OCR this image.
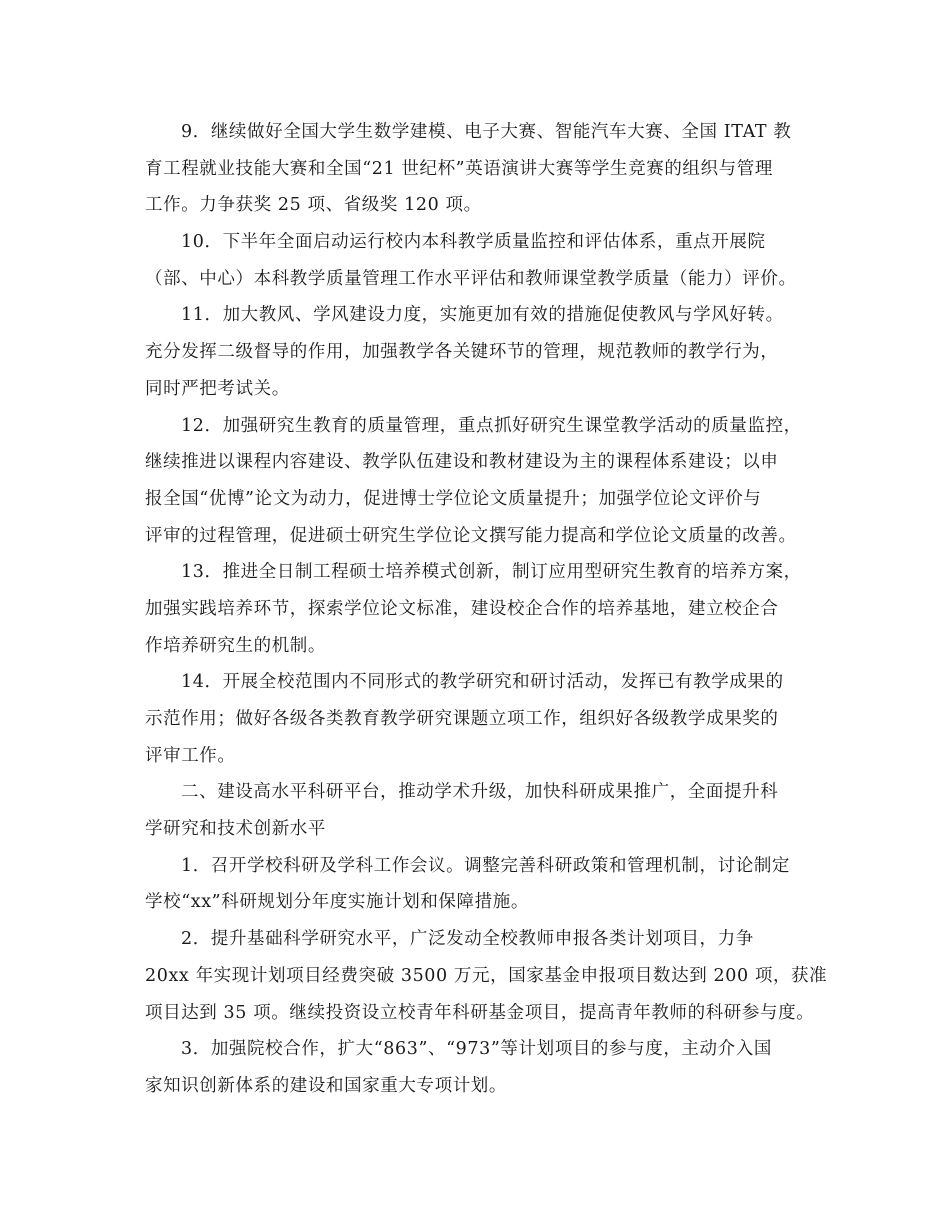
9．继续做好全国大学生数学建模、电子大赛、智能汽车大赛、全国 ITAT 教
育工程就业技能大赛和全国“21 世纪杯”英语演讲大赛等学生竞赛的组织与管理
工作。力争获奖 25 项、省级奖 120 项。

10．下半年全面启动运行校内本科教学质量监控和评估体系，重点开展院
（部、中心）本科教学质量管理工作水平评估和教师课堂教学质量（能力）评价。

11．加大教风、学风建设力度，实施更加有效的措施促使教风与学风好转。
充分发挥二级督导的作用，加强教学各关键环节的管理，规范教师的教学行为，
同时严把考试关。

12．加强研究生教育的质量管理，重点抓好研究生课堂教学活动的质量监控，
继续推进以课程内容建设、教学队伍建设和教材建设为主的课程体系建设；以申
报全国“优博”论文为动力，促进博士学位论文质量提升；加强学位论文评价与
评审的过程管理，促进硕士研究生学位论文撰写能力提高和学位论文质量的改善。

13．推进全日制工程硕士培养模式创新，制订应用型研究生教育的培养方案，
加强实践培养环节，探索学位论文标准，建设校企合作的培养基地，建立校企合
作培养研究生的机制。

14．开展全校范围内不同形式的教学研究和研讨活动，发挥已有教学成果的
示范作用；做好各级各类教育教学研究课题立项工作，组织好各级教学成果奖的
评审工作。

二、建设高水平科研平台，推动学术升级，加快科研成果推广，全面提升科
学研究和技术创新水平

1．召开学校科研及学科工作会议。调整完善科研政策和管理机制，讨论制定
学校“xx”科研规划分年度实施计划和保障措施。

2．提升基础科学研究水平，广泛发动全校教师申报各类计划项目，力争
20xx 年实现计划项目经费突破 3500 万元，国家基金申报项目数达到 200 项，获准
项目达到 35 项。继续投资设立校青年科研基金项目，提高青年教师的科研参与度。

3．加强院校合作，扩大“863”、“973”等计划项目的参与度，主动介入国
家知识创新体系的建设和国家重大专项计划。
